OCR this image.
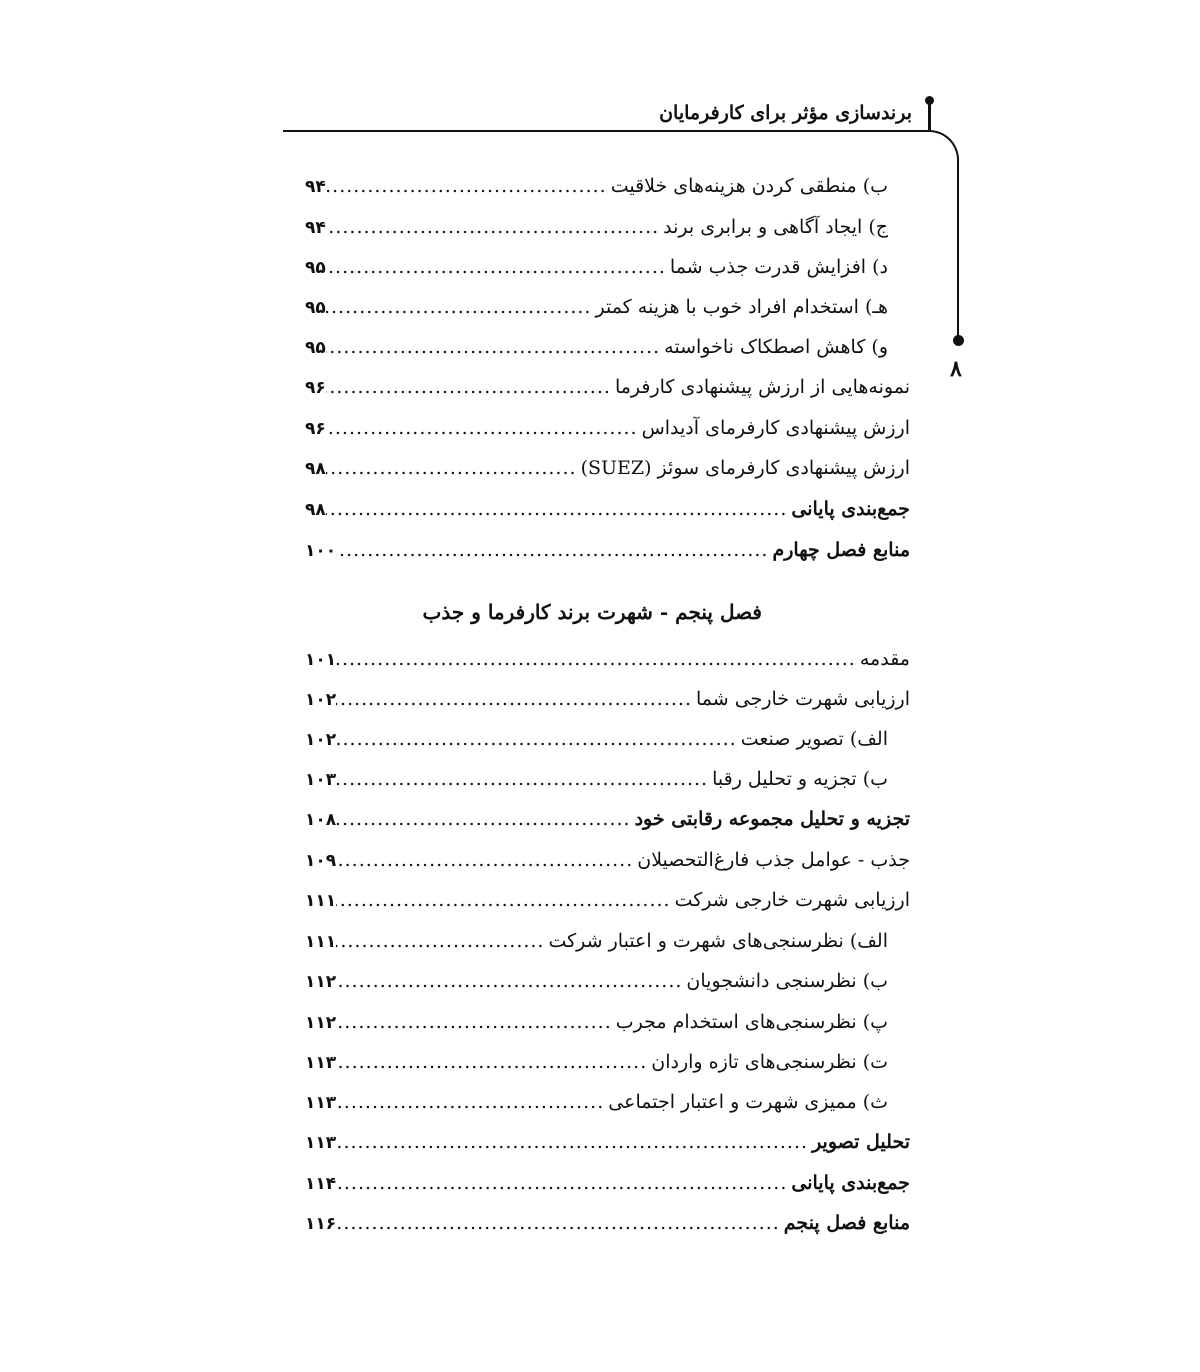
برندسازی مؤثر برای کارفرمایان
۸
ب) منطقی کردن هزینه‌های خلاقیت
.....
۹۴
ج) ایجاد آگاهی و برابری برند
.....
۹۴
د) افزایش قدرت جذب شما
.....
۹۵
هـ) استخدام افراد خوب با هزینه کمتر
.....
۹۵
و) کاهش اصطکاک ناخواسته
.....
۹۵
نمونه‌هایی از ارزش پیشنهادی کارفرما
.....
۹۶
ارزش پیشنهادی کارفرمای آدیداس
.....
۹۶
ارزش پیشنهادی کارفرمای سوئز (SUEZ)
.....
۹۸
جمع‌بندی پایانی
.....
۹۸
منابع فصل چهارم
.....
۱۰۰
فصل پنجم - شهرت برند کارفرما و جذب
مقدمه
.....
۱۰۱
ارزیابی شهرت خارجی شما
.....
۱۰۲
الف) تصویر صنعت
.....
۱۰۲
ب) تجزیه و تحلیل رقبا
.....
۱۰۳
تجزیه و تحلیل مجموعه رقابتی خود
.....
۱۰۸
جذب - عوامل جذب فارغ‌التحصیلان
.....
۱۰۹
ارزیابی شهرت خارجی شرکت
.....
۱۱۱
الف) نظرسنجی‌های شهرت و اعتبار شرکت
.....
۱۱۱
ب) نظرسنجی دانشجویان
.....
۱۱۲
پ) نظرسنجی‌های استخدام مجرب
.....
۱۱۲
ت) نظرسنجی‌های تازه واردان
.....
۱۱۳
ث) ممیزی شهرت و اعتبار اجتماعی
.....
۱۱۳
تحلیل تصویر
.....
۱۱۳
جمع‌بندی پایانی
.....
۱۱۴
منابع فصل پنجم
.....
۱۱۶
